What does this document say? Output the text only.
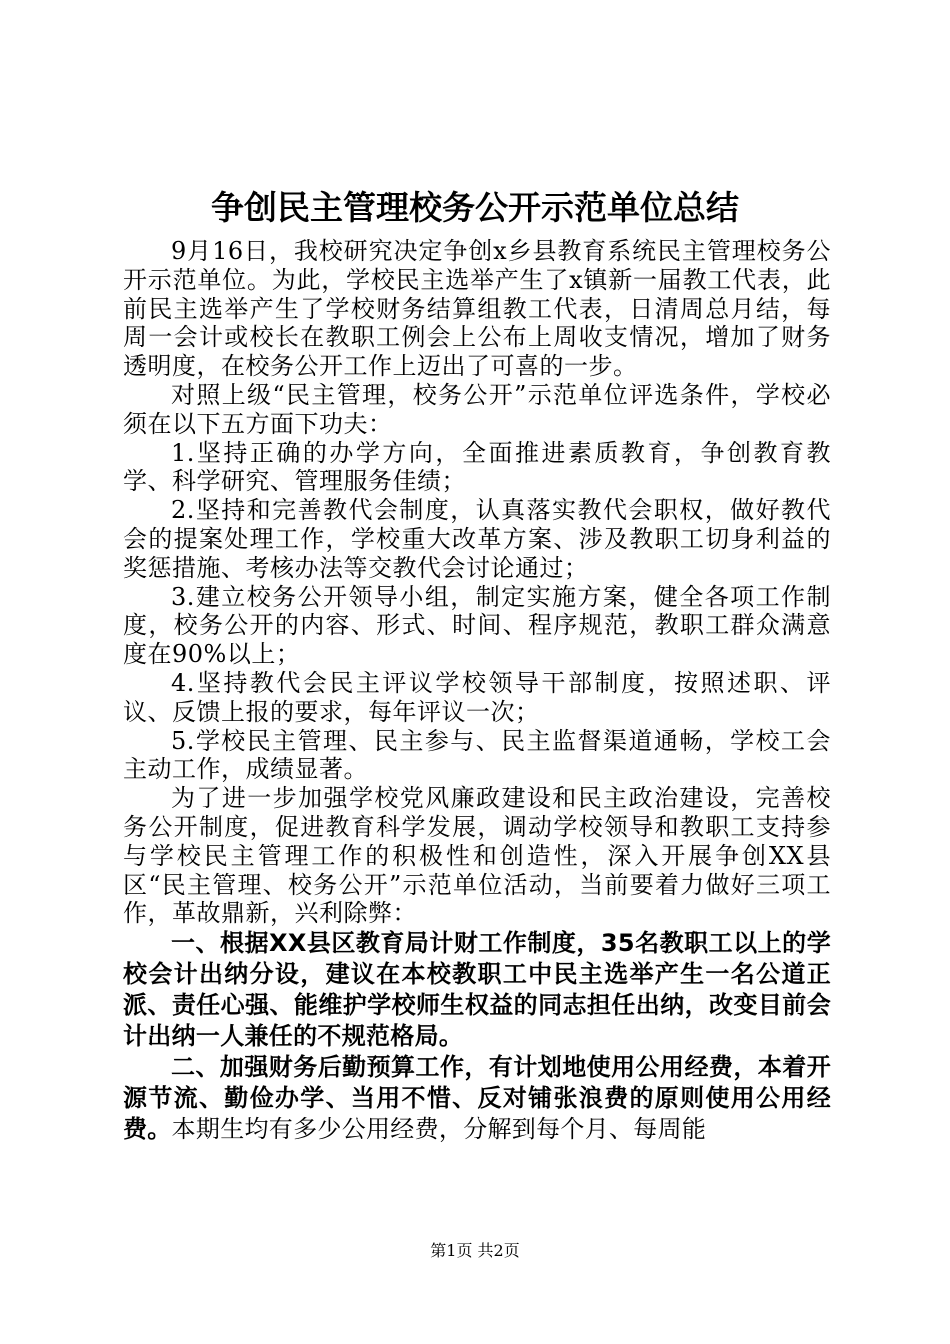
争创民主管理校务公开示范单位总结

9月16日，我校研究决定争创x乡县教育系统民主管理校务公开示范单位。为此，学校民主选举产生了x镇新一届教工代表，此前民主选举产生了学校财务结算组教工代表，日清周总月结，每周一会计或校长在教职工例会上公布上周收支情况，增加了财务透明度，在校务公开工作上迈出了可喜的一步。

对照上级“民主管理，校务公开”示范单位评选条件，学校必须在以下五方面下功夫：

1.坚持正确的办学方向，全面推进素质教育，争创教育教学、科学研究、管理服务佳绩；

2.坚持和完善教代会制度，认真落实教代会职权，做好教代会的提案处理工作，学校重大改革方案、涉及教职工切身利益的奖惩措施、考核办法等交教代会讨论通过；

3.建立校务公开领导小组，制定实施方案，健全各项工作制度，校务公开的内容、形式、时间、程序规范，教职工群众满意度在90%以上；

4.坚持教代会民主评议学校领导干部制度，按照述职、评议、反馈上报的要求，每年评议一次；

5.学校民主管理、民主参与、民主监督渠道通畅，学校工会主动工作，成绩显著。

为了进一步加强学校党风廉政建设和民主政治建设，完善校务公开制度，促进教育科学发展，调动学校领导和教职工支持参与学校民主管理工作的积极性和创造性，深入开展争创XX县区“民主管理、校务公开”示范单位活动，当前要着力做好三项工作，革故鼎新，兴利除弊：

一、根据XX县区教育局计财工作制度，35名教职工以上的学校会计出纳分设，建议在本校教职工中民主选举产生一名公道正派、责任心强、能维护学校师生权益的同志担任出纳，改变目前会计出纳一人兼任的不规范格局。

二、加强财务后勤预算工作，有计划地使用公用经费，本着开源节流、勤俭办学、当用不惜、反对铺张浪费的原则使用公用经费。本期生均有多少公用经费，分解到每个月、每周能

第1页 共2页
